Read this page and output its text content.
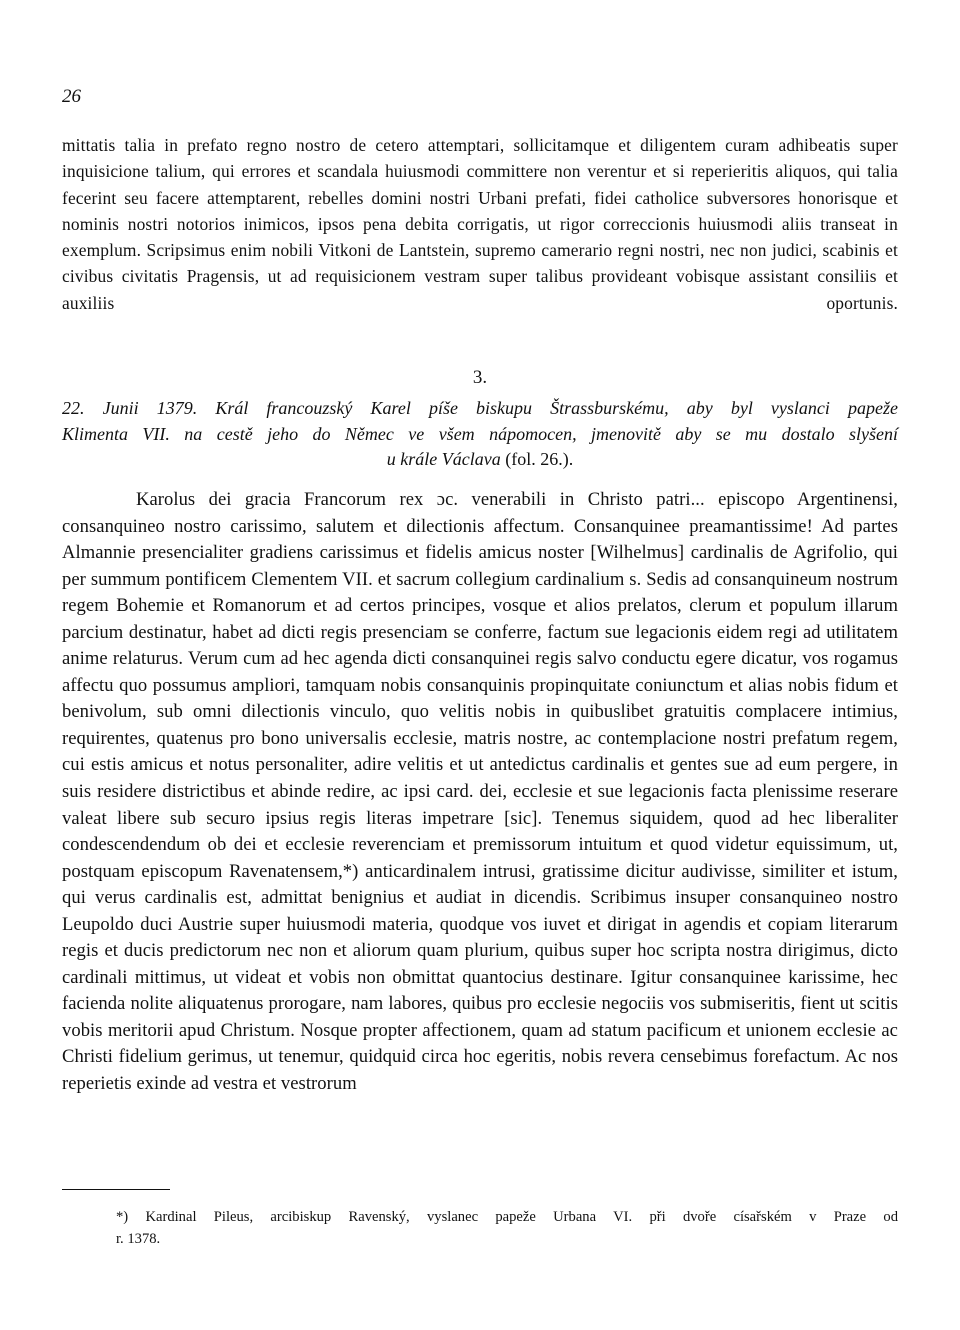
26

mittatis talia in prefato regno nostro de cetero attemptari, sollicitamque et diligentem curam adhibeatis super inquisicione talium, qui errores et scandala huiusmodi committere non verentur et si reperieritis aliquos, qui talia fecerint seu facere attemptarent, rebelles domini nostri Urbani prefati, fidei catholice subversores honorisque et nominis nostri notorios inimicos, ipsos pena debita corrigatis, ut rigor correccionis huiusmodi aliis transeat in exemplum. Scripsimus enim nobili Vitkoni de Lantstein, supremo camerario regni nostri, nec non judici, scabinis et civibus civitatis Pragensis, ut ad requisicionem vestram super talibus provideant vobisque assistant consiliis et auxiliis oportunis.

3.

22. Junii 1379. Král francouzský Karel píše biskupu Štrassburskému, aby byl vyslanci papeže
Klimenta VII. na cestě jeho do Němec ve všem nápomocen, jmenovitě aby se mu dostalo slyšení
u krále Václava (fol. 26.).

Karolus dei gracia Francorum rex ɔc. venerabili in Christo patri... episcopo Argentinensi, consanquineo nostro carissimo, salutem et dilectionis affectum. Consanquinee preamantissime! Ad partes Almannie presencialiter gradiens carissimus et fidelis amicus noster [Wilhelmus] cardinalis de Agrifolio, qui per summum pontificem Clementem VII. et sacrum collegium cardinalium s. Sedis ad consanquineum nostrum regem Bohemie et Romanorum et ad certos principes, vosque et alios prelatos, clerum et populum illarum parcium destinatur, habet ad dicti regis presenciam se conferre, factum sue legacionis eidem regi ad utilitatem anime relaturus. Verum cum ad hec agenda dicti consanquinei regis salvo conductu egere dicatur, vos rogamus affectu quo possumus ampliori, tamquam nobis consanquinis propinquitate coniunctum et alias nobis fidum et benivolum, sub omni dilectionis vinculo, quo velitis nobis in quibuslibet gratuitis complacere intimius, requirentes, quatenus pro bono universalis ecclesie, matris nostre, ac contemplacione nostri prefatum regem, cui estis amicus et notus personaliter, adire velitis et ut antedictus cardinalis et gentes sue ad eum pergere, in suis residere districtibus et abinde redire, ac ipsi card. dei, ecclesie et sue legacionis facta plenissime reserare valeat libere sub securo ipsius regis literas impetrare [sic]. Tenemus siquidem, quod ad hec liberaliter condescendendum ob dei et ecclesie reverenciam et premissorum intuitum et quod videtur equissimum, ut, postquam episcopum Ravenatensem,*) anticardinalem intrusi, gratissime dicitur audivisse, similiter et istum, qui verus cardinalis est, admittat benignius et audiat in dicendis. Scribimus insuper consanquineo nostro Leupoldo duci Austrie super huiusmodi materia, quodque vos iuvet et dirigat in agendis et copiam literarum regis et ducis predictorum nec non et aliorum quam plurium, quibus super hoc scripta nostra dirigimus, dicto cardinali mittimus, ut videat et vobis non obmittat quantocius destinare. Igitur consanquinee karissime, hec facienda nolite aliquatenus prorogare, nam labores, quibus pro ecclesie negociis vos submiseritis, fient ut scitis vobis meritorii apud Christum. Nosque propter affectionem, quam ad statum pacificum et unionem ecclesie ac Christi fidelium gerimus, ut tenemur, quidquid circa hoc egeritis, nobis revera censebimus forefactum. Ac nos reperietis exinde ad vestra et vestrorum

*) Kardinal Pileus, arcibiskup Ravenský, vyslanec papeže Urbana VI. při dvoře císařském v Praze od
r. 1378.
